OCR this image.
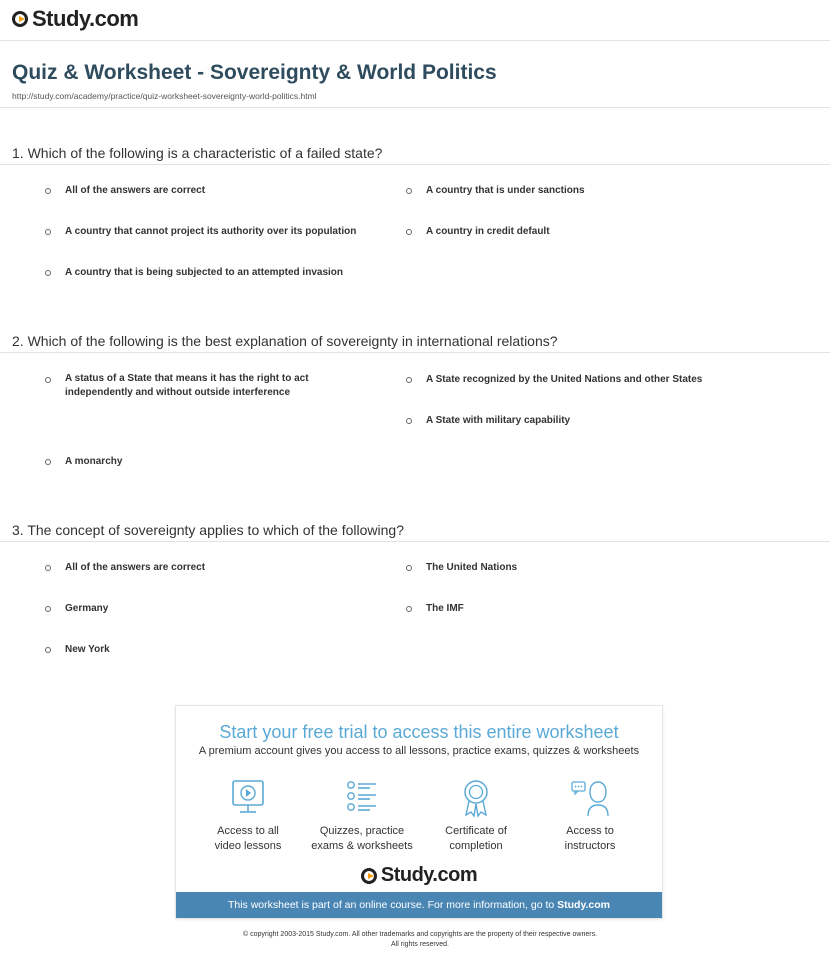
Study.com
Quiz & Worksheet - Sovereignty & World Politics
http://study.com/academy/practice/quiz-worksheet-sovereignty-world-politics.html
1. Which of the following is a characteristic of a failed state?
All of the answers are correct	A country that is under sanctions
A country that cannot project its authority over its population	A country in credit default
A country that is being subjected to an attempted invasion
2. Which of the following is the best explanation of sovereignty in international relations?
A status of a State that means it has the right to act
independently and without outside interference
A State recognized by the United Nations and other States
A State with military capability
A monarchy
3. The concept of sovereignty applies to which of the following?
All of the answers are correct	The United Nations
Germany	The IMF
New York
Start your free trial to access this entire worksheet
A premium account gives you access to all lessons, practice exams, quizzes & worksheets
Access to all
video lessons
Quizzes, practice
exams & worksheets
Certificate of
completion
Access to
instructors
Study.com
This worksheet is part of an online course. For more information, go to Study.com
© copyright 2003-2015 Study.com. All other trademarks and copyrights are the property of their respective owners.
All rights reserved.
